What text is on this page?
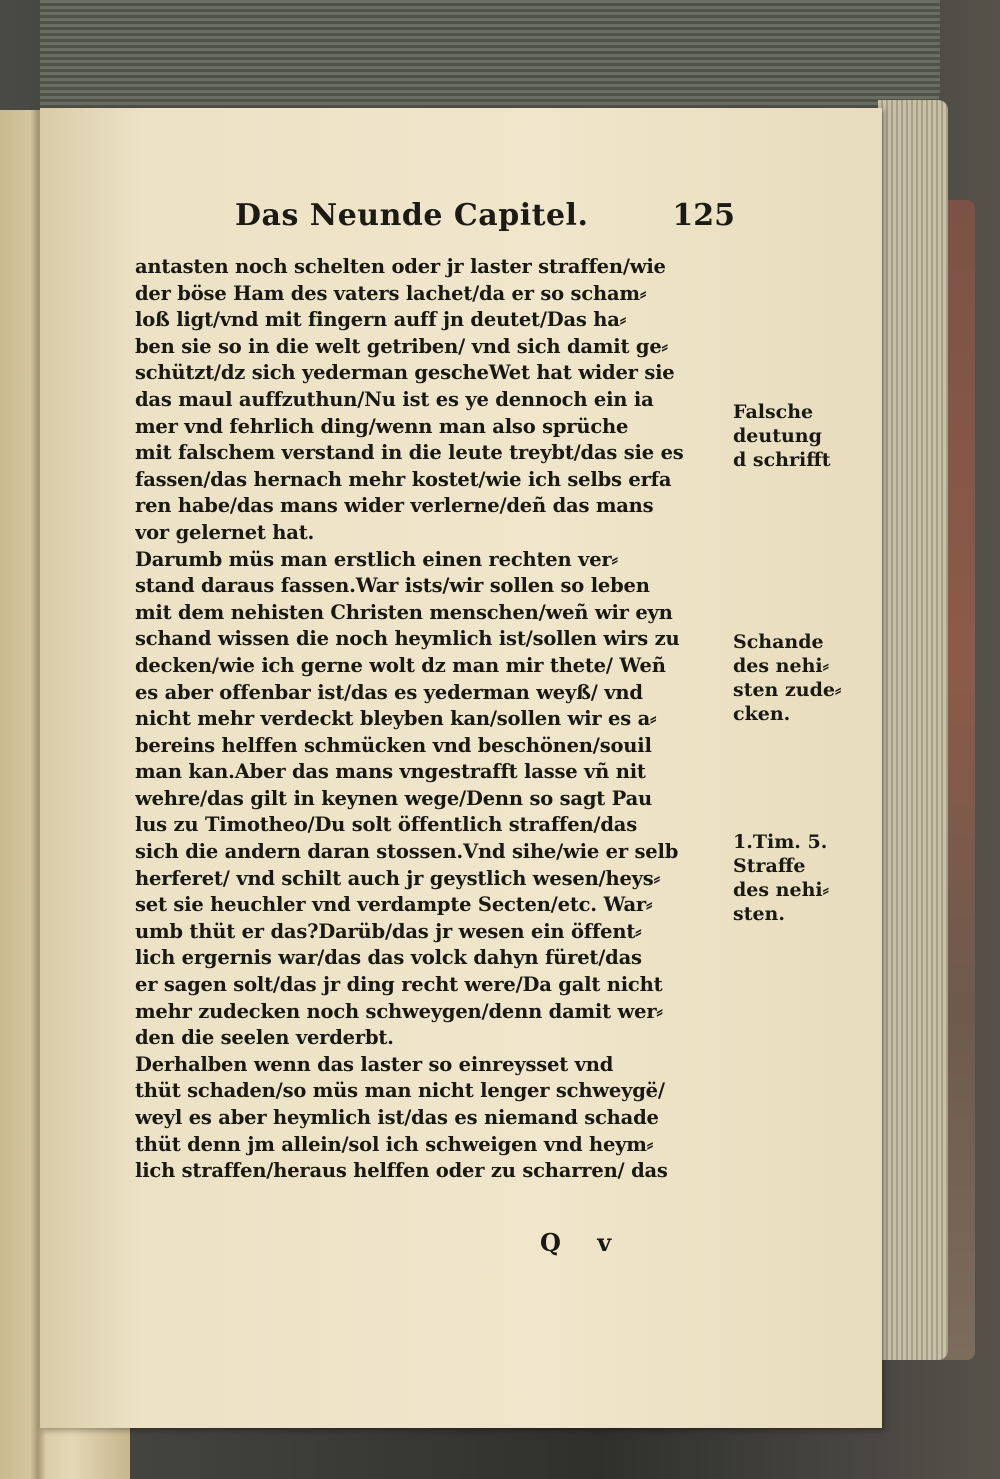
Das Neunde Capitel.	125
antasten noch schelten oder jr laster straffen/wie
der böse Ham des vaters lachet/da er so scham⸗
loß ligt/vnd mit fingern auff jn deutet/Das ha⸗
ben sie so in die welt getriben/ vnd sich damit ge⸗
schützt/dz sich yederman gescheWet hat wider sie
das maul auffzuthun/Nu ist es ye dennoch ein ia
mer vnd fehrlich ding/wenn man also sprüche
mit falschem verstand in die leute treybt/das sie es
fassen/das hernach mehr kostet/wie ich selbs erfa
ren habe/das mans wider verlerne/deñ das mans
vor gelernet hat.
Darumb müs man erstlich einen rechten ver⸗
stand daraus fassen.War ists/wir sollen so leben
mit dem nehisten Christen menschen/weñ wir eyn
schand wissen die noch heymlich ist/sollen wirs zu
decken/wie ich gerne wolt dz man mir thete/ Weñ
es aber offenbar ist/das es yederman weyß/ vnd
nicht mehr verdeckt bleyben kan/sollen wir es a⸗
bereins helffen schmücken vnd beschönen/souil
man kan.Aber das mans vngestrafft lasse vñ nit
wehre/das gilt in keynen wege/Denn so sagt Pau
lus zu Timotheo/Du solt öffentlich straffen/das
sich die andern daran stossen.Vnd sihe/wie er selb
herferet/ vnd schilt auch jr geystlich wesen/heys⸗
set sie heuchler vnd verdampte Secten/etc. War⸗
umb thüt er das?Darüb/das jr wesen ein öffent⸗
lich ergernis war/das das volck dahyn füret/das
er sagen solt/das jr ding recht were/Da galt nicht
mehr zudecken noch schweygen/denn damit wer⸗
den die seelen verderbt.
Derhalben wenn das laster so einreysset vnd
thüt schaden/so müs man nicht lenger schweygë/
weyl es aber heymlich ist/das es niemand schade
thüt denn jm allein/sol ich schweigen vnd heym⸗
lich straffen/heraus helffen oder zu scharren/ das
Falsche
deutung
d schrifft
Schande
des nehi⸗
sten zude⸗
cken.
1.Tim. 5.
Straffe
des nehi⸗
sten.
Q v
